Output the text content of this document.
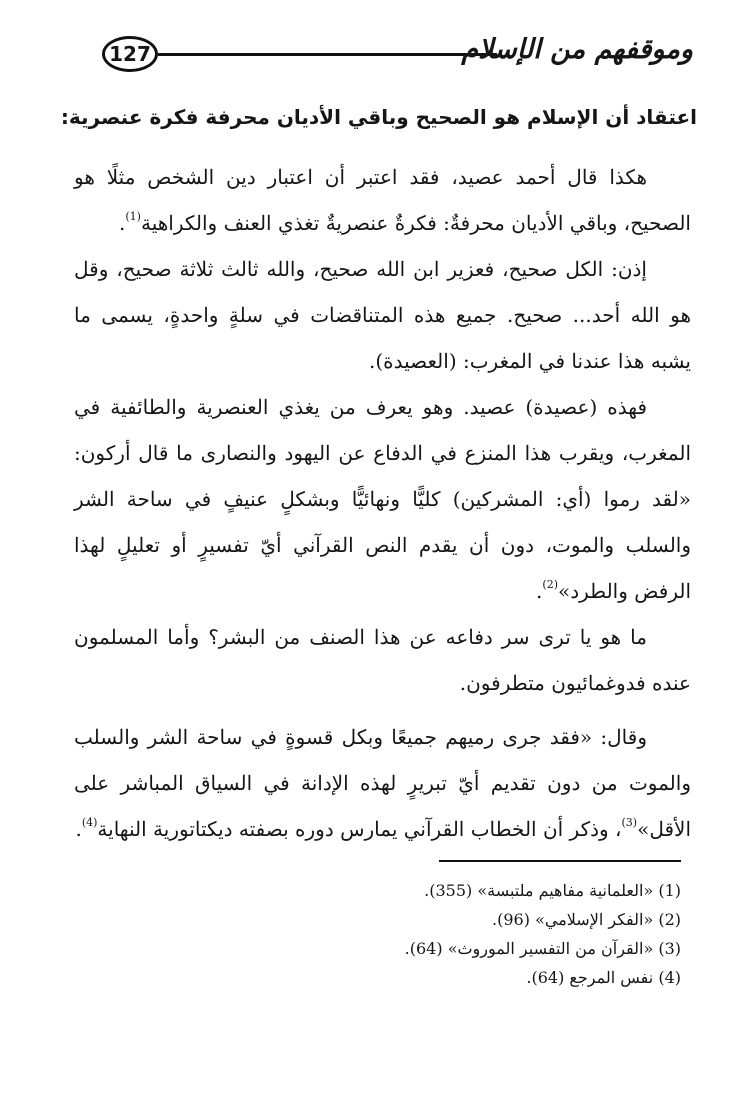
127	وموقفهم من الإسلام
اعتقاد أن الإسلام هو الصحيح وباقي الأديان محرفة فكرة عنصرية:

هكذا قال أحمد عصيد، فقد اعتبر أن اعتبار دين الشخص مثلًا هو الصحيح، وباقي الأديان محرفةٌ: فكرةٌ عنصريةٌ تغذي العنف والكراهية$^{(1)}$.

إذن: الكل صحيح، فعزير ابن الله صحيح، والله ثالث ثلاثة صحيح، وقل هو الله أحد... صحيح. جميع هذه المتناقضات في سلةٍ واحدةٍ، يسمى ما يشبه هذا عندنا في المغرب: (العصيدة).

فهذه (عصيدة) عصيد. وهو يعرف من يغذي العنصرية والطائفية في المغرب، ويقرب هذا المنزع في الدفاع عن اليهود والنصارى ما قال أركون: «لقد رموا (أي: المشركين) كليًّا ونهائيًّا وبشكلٍ عنيفٍ في ساحة الشر والسلب والموت، دون أن يقدم النص القرآني أيّ تفسيرٍ أو تعليلٍ لهذا الرفض والطرد»$^{(2)}$.

ما هو يا ترى سر دفاعه عن هذا الصنف من البشر؟ وأما المسلمون عنده فدوغمائيون متطرفون.

وقال: «فقد جرى رميهم جميعًا وبكل قسوةٍ في ساحة الشر والسلب والموت من دون تقديم أيّ تبريرٍ لهذه الإدانة في السياق المباشر على الأقل»$^{(3)}$، وذكر أن الخطاب القرآني يمارس دوره بصفته ديكتاتورية النهاية$^{(4)}$.

(1) «العلمانية مفاهيم ملتبسة» (355).
(2) «الفكر الإسلامي» (96).
(3) «القرآن من التفسير الموروث» (64).
(4) نفس المرجع (64).
